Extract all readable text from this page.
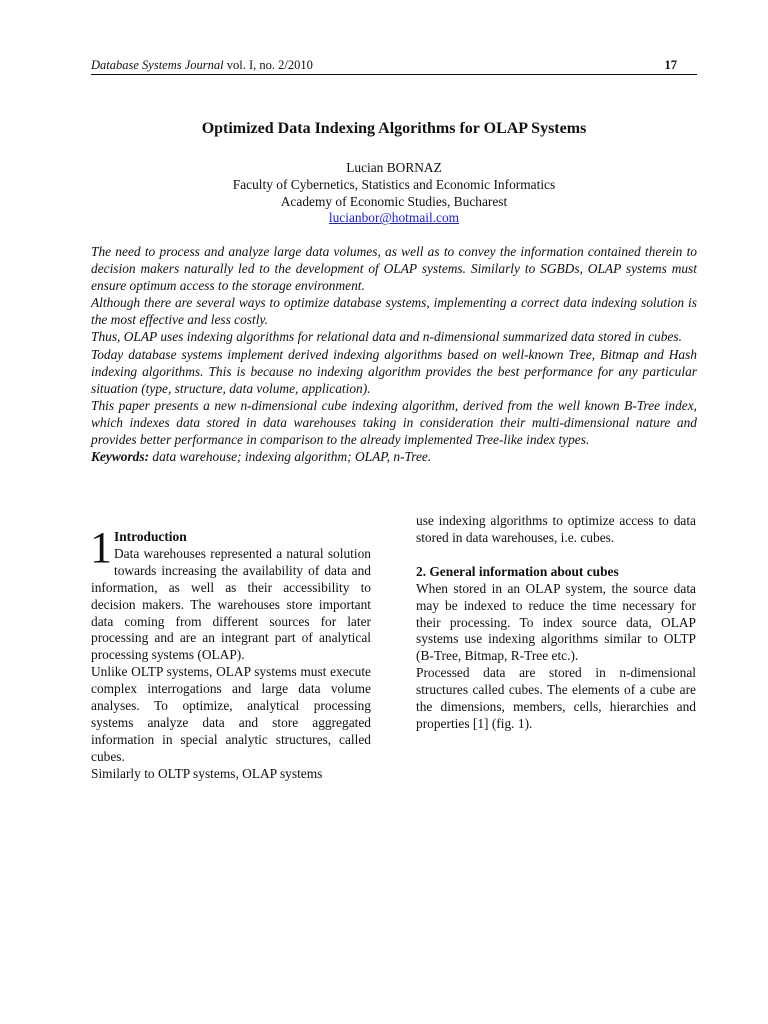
Database Systems Journal vol. I, no. 2/2010	17
Optimized Data Indexing Algorithms for OLAP Systems
Lucian BORNAZ
Faculty of Cybernetics, Statistics and Economic Informatics
Academy of Economic Studies, Bucharest
lucianbor@hotmail.com

The need to process and analyze large data volumes, as well as to convey the information contained therein to decision makers naturally led to the development of OLAP systems. Similarly to SGBDs, OLAP systems must ensure optimum access to the storage environment.

Although there are several ways to optimize database systems, implementing a correct data indexing solution is the most effective and less costly.

Thus, OLAP uses indexing algorithms for relational data and n-dimensional summarized data stored in cubes.

Today database systems implement derived indexing algorithms based on well-known Tree, Bitmap and Hash indexing algorithms. This is because no indexing algorithm provides the best performance for any particular situation (type, structure, data volume, application).

This paper presents a new n-dimensional cube indexing algorithm, derived from the well known B-Tree index, which indexes data stored in data warehouses taking in consideration their multi-dimensional nature and provides better performance in comparison to the already implemented Tree-like index types.

Keywords: data warehouse; indexing algorithm; OLAP, n-Tree.

1 Introduction

Data warehouses represented a natural solution towards increasing the availability of data and information, as well as their accessibility to decision makers. The warehouses store important data coming from different sources for later processing and are an integrant part of analytical processing systems (OLAP).

Unlike OLTP systems, OLAP systems must execute complex interrogations and large data volume analyses. To optimize, analytical processing systems analyze data and store aggregated information in special analytic structures, called cubes.

Similarly to OLTP systems, OLAP systems

use indexing algorithms to optimize access to data stored in data warehouses, i.e. cubes.

2. General information about cubes

When stored in an OLAP system, the source data may be indexed to reduce the time necessary for their processing. To index source data, OLAP systems use indexing algorithms similar to OLTP (B-Tree, Bitmap, R-Tree etc.).

Processed data are stored in n-dimensional structures called cubes. The elements of a cube are the dimensions, members, cells, hierarchies and properties [1] (fig. 1).
